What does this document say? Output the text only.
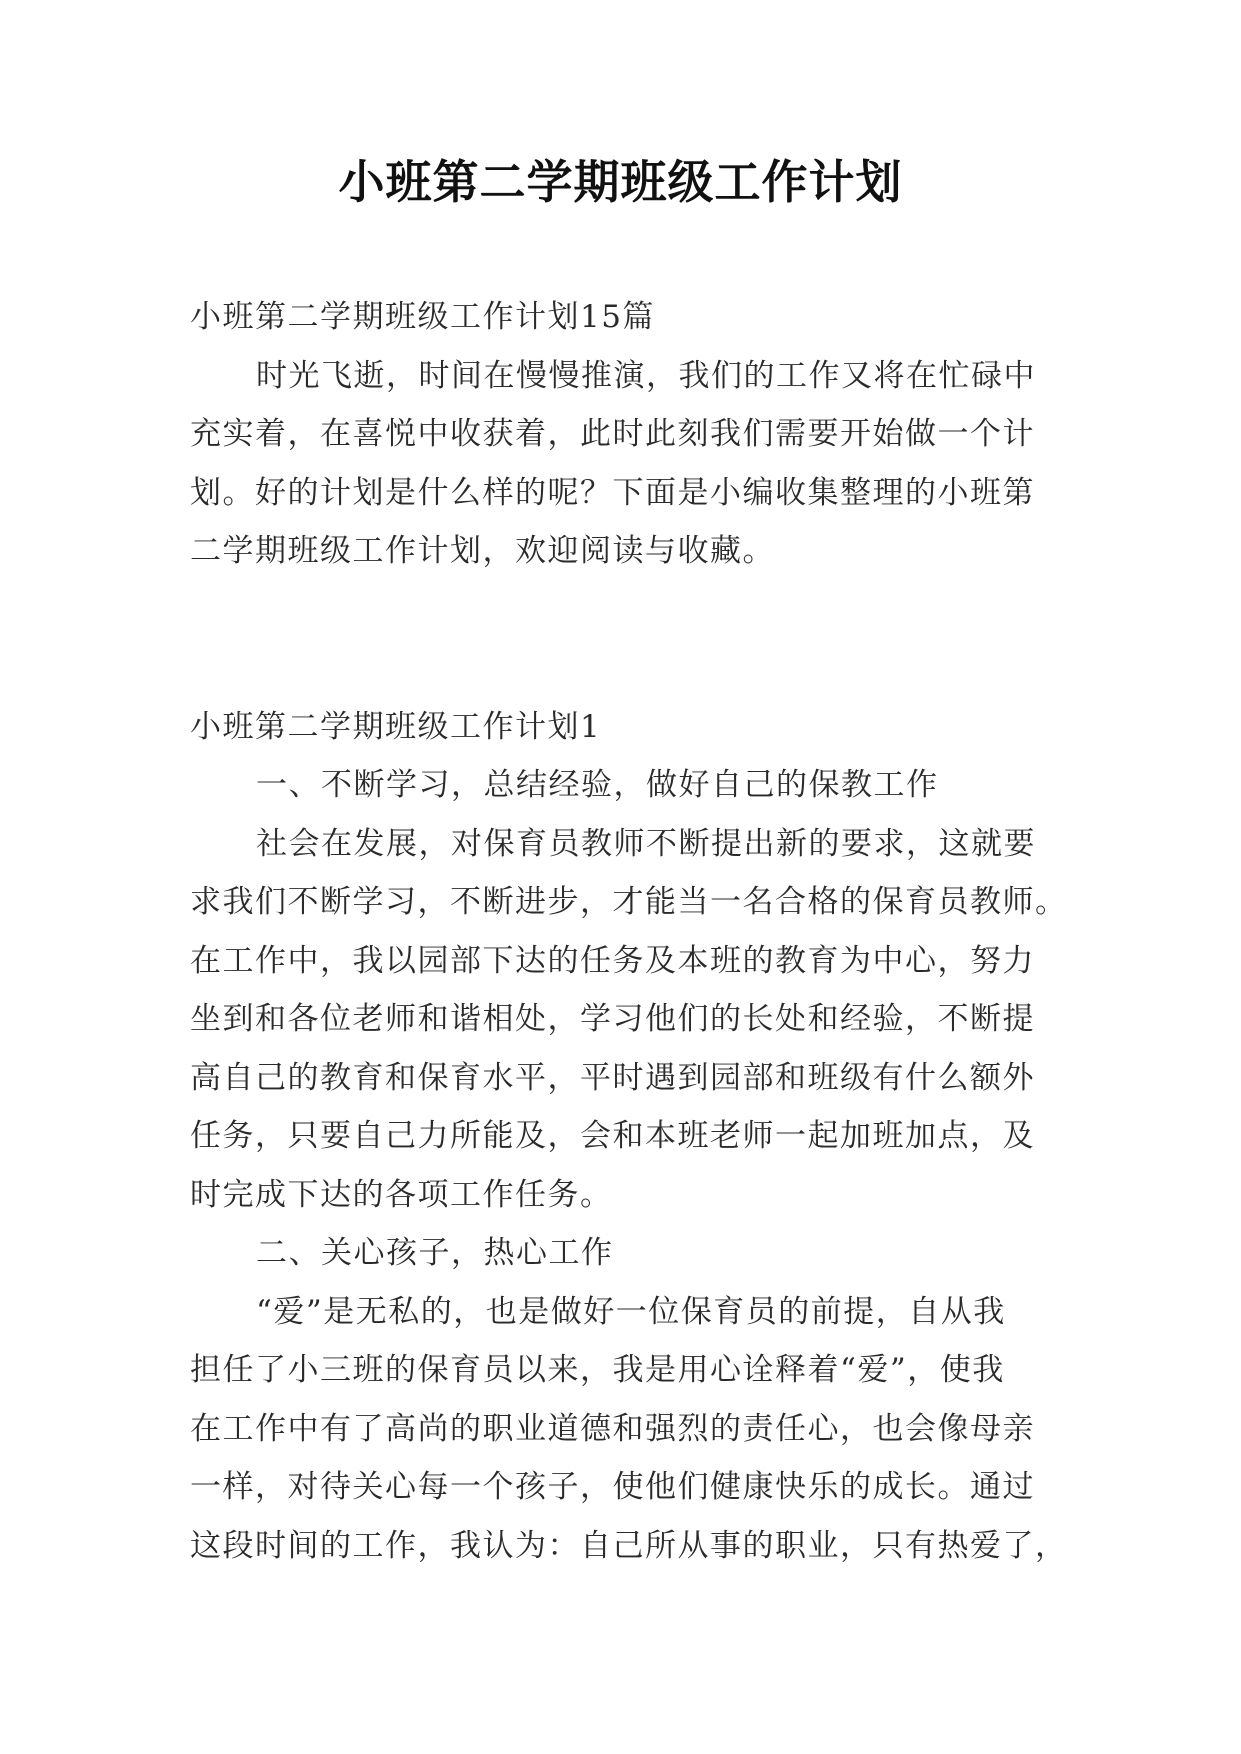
小班第二学期班级工作计划
小班第二学期班级工作计划15篇
时光飞逝，时间在慢慢推演，我们的工作又将在忙碌中
充实着，在喜悦中收获着，此时此刻我们需要开始做一个计
划。好的计划是什么样的呢？下面是小编收集整理的小班第
二学期班级工作计划，欢迎阅读与收藏。
小班第二学期班级工作计划1
一、不断学习，总结经验，做好自己的保教工作
社会在发展，对保育员教师不断提出新的要求，这就要
求我们不断学习，不断进步，才能当一名合格的保育员教师。
在工作中，我以园部下达的任务及本班的教育为中心，努力
坐到和各位老师和谐相处，学习他们的长处和经验，不断提
高自己的教育和保育水平，平时遇到园部和班级有什么额外
任务，只要自己力所能及，会和本班老师一起加班加点，及
时完成下达的各项工作任务。
二、关心孩子，热心工作
“爱”是无私的，也是做好一位保育员的前提，自从我
担任了小三班的保育员以来，我是用心诠释着“爱”，使我
在工作中有了高尚的职业道德和强烈的责任心，也会像母亲
一样，对待关心每一个孩子，使他们健康快乐的成长。通过
这段时间的工作，我认为：自己所从事的职业，只有热爱了，
